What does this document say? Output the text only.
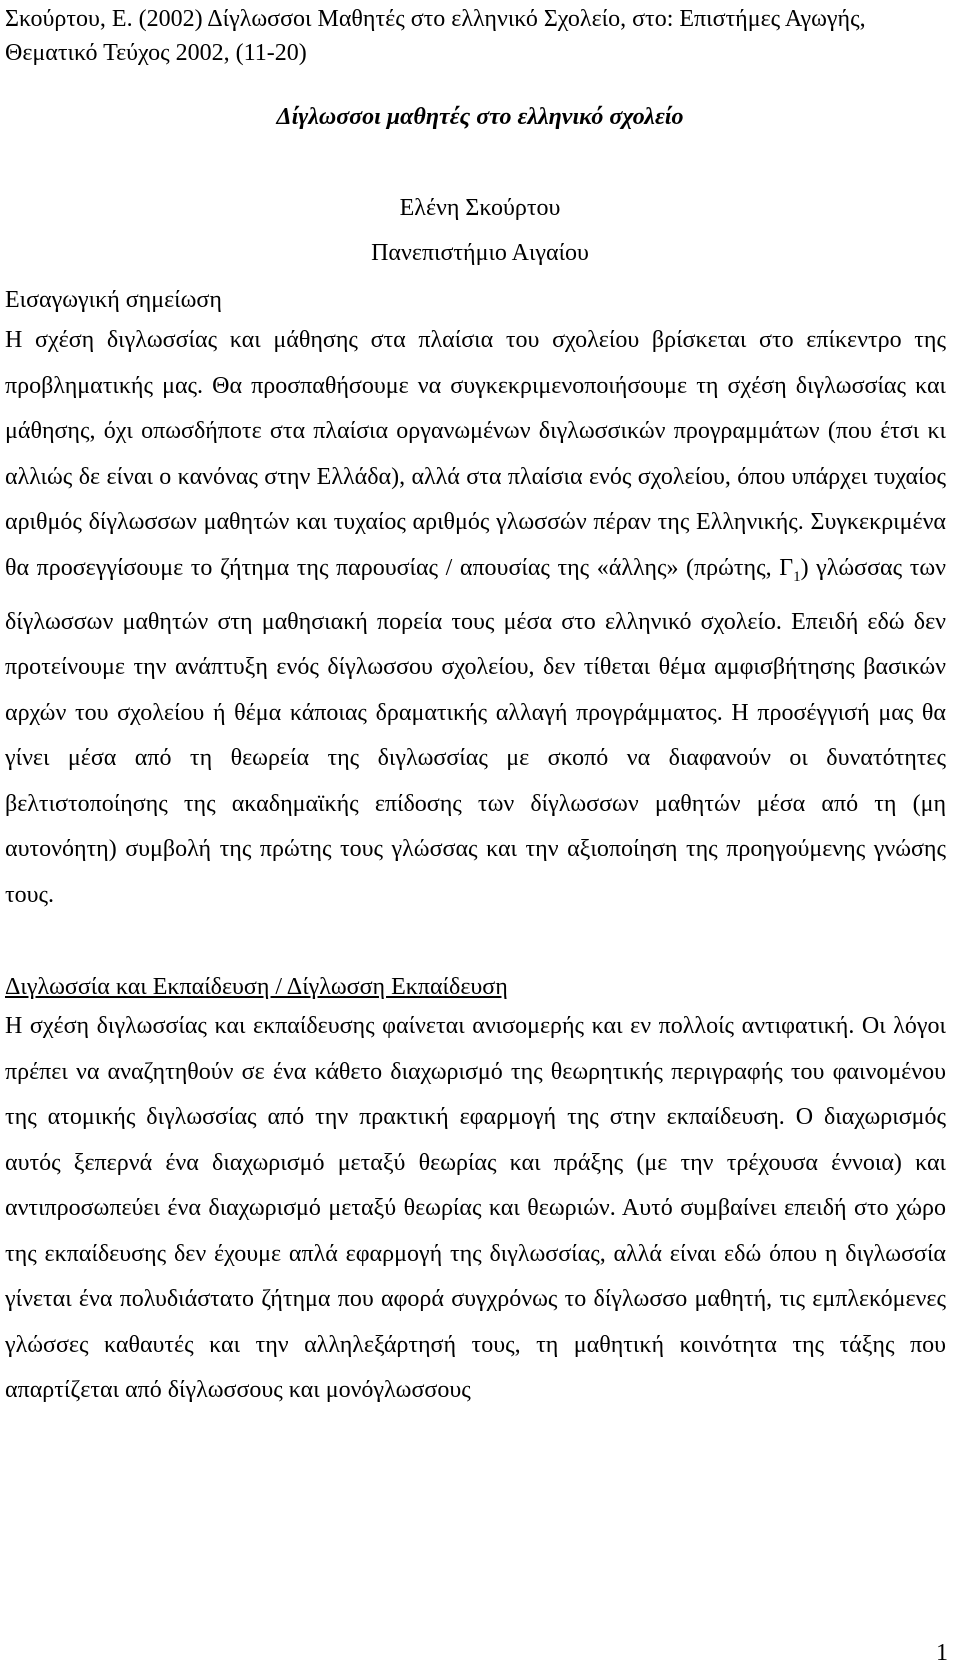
Σκούρτου, Ε. (2002) Δίγλωσσοι Μαθητές στο ελληνικό Σχολείο, στο: Επιστήμες Αγωγής, Θεματικό Τεύχος 2002, (11-20)

Δίγλωσσοι μαθητές στο ελληνικό σχολείο

Ελένη Σκούρτου

Πανεπιστήμιο Αιγαίου

Εισαγωγική σημείωση

Η σχέση διγλωσσίας και μάθησης στα πλαίσια του σχολείου βρίσκεται στο επίκεντρο της προβληματικής μας. Θα προσπαθήσουμε να συγκεκριμενοποιήσουμε τη σχέση διγλωσσίας και μάθησης, όχι οπωσδήποτε στα πλαίσια οργανωμένων διγλωσσικών προγραμμάτων (που έτσι κι αλλιώς δε είναι ο κανόνας στην Ελλάδα), αλλά στα πλαίσια ενός σχολείου, όπου υπάρχει τυχαίος αριθμός δίγλωσσων μαθητών και τυχαίος αριθμός γλωσσών πέραν της Ελληνικής. Συγκεκριμένα θα προσεγγίσουμε το ζήτημα της παρουσίας / απουσίας της «άλλης» (πρώτης, $\Gamma_1$) γλώσσας των δίγλωσσων μαθητών στη μαθησιακή πορεία τους μέσα στο ελληνικό σχολείο. Επειδή εδώ δεν προτείνουμε την ανάπτυξη ενός δίγλωσσου σχολείου, δεν τίθεται θέμα αμφισβήτησης βασικών αρχών του σχολείου ή θέμα κάποιας δραματικής αλλαγή προγράμματος. Η προσέγγισή μας θα γίνει μέσα από τη θεωρεία της διγλωσσίας με σκοπό να διαφανούν οι δυνατότητες βελτιστοποίησης της ακαδημαϊκής επίδοσης των δίγλωσσων μαθητών μέσα από τη (μη αυτονόητη) συμβολή της πρώτης τους γλώσσας και την αξιοποίηση της προηγούμενης γνώσης τους.

Διγλωσσία και Εκπαίδευση / Δίγλωσση Εκπαίδευση

Η σχέση διγλωσσίας και εκπαίδευσης φαίνεται ανισομερής και εν πολλοίς αντιφατική. Οι λόγοι πρέπει να αναζητηθούν σε ένα κάθετο διαχωρισμό της θεωρητικής περιγραφής του φαινομένου της ατομικής διγλωσσίας από την πρακτική εφαρμογή της στην εκπαίδευση. Ο διαχωρισμός αυτός ξεπερνά ένα διαχωρισμό μεταξύ θεωρίας και πράξης (με την τρέχουσα έννοια) και αντιπροσωπεύει ένα διαχωρισμό μεταξύ θεωρίας και θεωριών. Αυτό συμβαίνει επειδή στο χώρο της εκπαίδευσης δεν έχουμε απλά εφαρμογή της διγλωσσίας, αλλά είναι εδώ όπου η διγλωσσία γίνεται ένα πολυδιάστατο ζήτημα που αφορά συγχρόνως το δίγλωσσο μαθητή, τις εμπλεκόμενες γλώσσες καθαυτές και την αλληλεξάρτησή τους, τη μαθητική κοινότητα της τάξης που απαρτίζεται από δίγλωσσους και μονόγλωσσους

1
